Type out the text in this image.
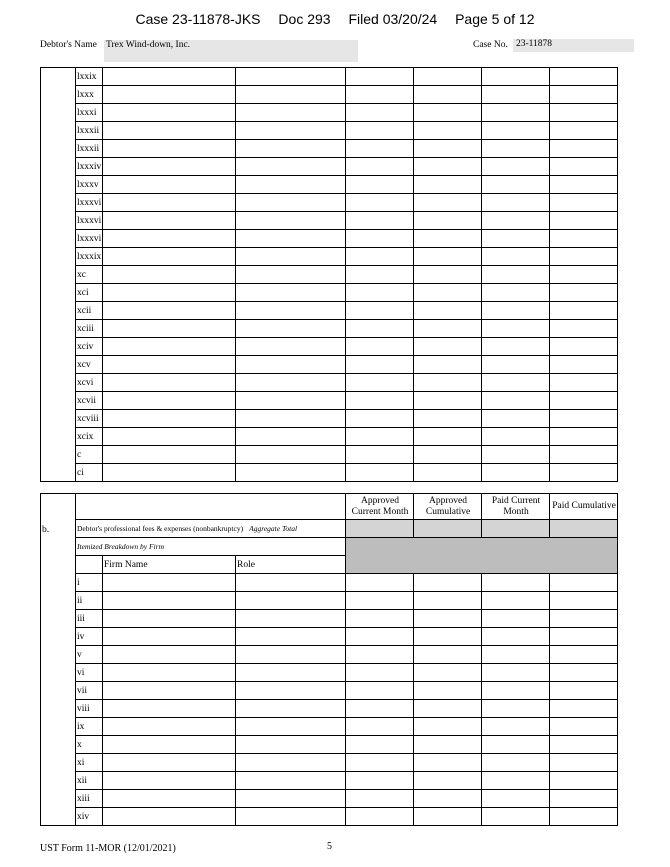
Case 23-11878-JKS Doc 293 Filed 03/20/24 Page 5 of 12
Debtor's Name Trex Wind-down, Inc.	Case No. 23-11878
	lxxix						
	lxxx						
	lxxxi						
	lxxxii						
	lxxxii						
	lxxxiv						
	lxxxv						
	lxxxvi						
	lxxxvi						
	lxxxvi						
	lxxxix						
	xc						
	xci						
	xcii						
	xciii						
	xciv						
	xcv						
	xcvi						
	xcvii						
	xcviii						
	xcix						
	c						
	ci						
b.				Approved Current Month	Approved Cumulative	Paid Current Month	Paid Cumulative
	Debtor's professional fees & expenses (nonbankruptcy) Aggregate Total						
	Itemized Breakdown by Firm						
		Firm Name	Role				
	i						
	ii						
	iii						
	iv						
	v						
	vi						
	vii						
	viii						
	ix						
	x						
	xi						
	xii						
	xiii						
	xiv						
UST Form 11-MOR (12/01/2021)	5
